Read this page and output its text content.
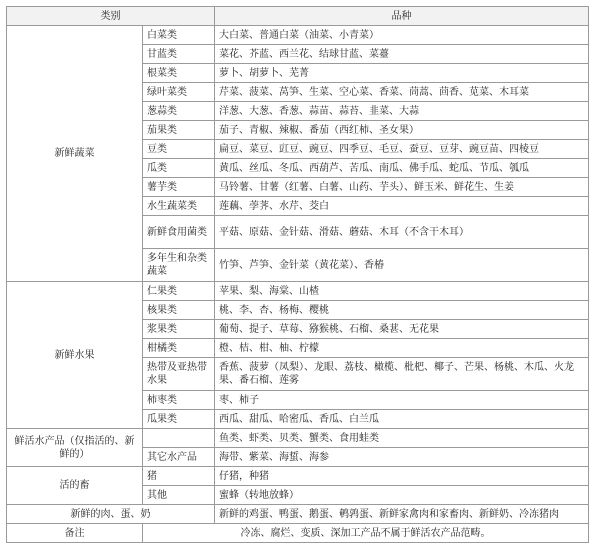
类别		品种
新鲜蔬菜	白菜类	大白菜、普通白菜（油菜、小青菜）
	甘蓝类	菜花、芥蓝、西兰花、结球甘蓝、菜薹
	根菜类	萝卜、胡萝卜、芜菁
	绿叶菜类	芹菜、菠菜、莴笋、生菜、空心菜、香菜、茼蒿、茴香、苋菜、木耳菜
	葱蒜类	洋葱、大葱、香葱、蒜苗、蒜苔、韭菜、大蒜
	茄果类	茄子、青椒、辣椒、番茄（西红柿、圣女果）
	豆类	扁豆、菜豆、豇豆、豌豆、四季豆、毛豆、蚕豆、豆芽、豌豆苗、四棱豆
	瓜类	黄瓜、丝瓜、冬瓜、西葫芦、苦瓜、南瓜、佛手瓜、蛇瓜、节瓜、瓠瓜
	薯芋类	马铃薯、甘薯（红薯、白薯、山药、芋头）、鲜玉米、鲜花生、生姜
	水生蔬菜类	莲藕、荸荠、水芹、茭白
	新鲜食用菌类	平菇、原菇、金针菇、滑菇、蘑菇、木耳（不含干木耳）
	多年生和杂类蔬菜	竹笋、芦笋、金针菜（黄花菜）、香椿
新鲜水果	仁果类	苹果、梨、海棠、山楂
	核果类	桃、李、杏、杨梅、樱桃
	浆果类	葡萄、提子、草莓、猕猴桃、石榴、桑葚、无花果
	柑橘类	橙、桔、柑、柚、柠檬
	热带及亚热带水果	香蕉、菠萝（凤梨）、龙眼、荔枝、橄榄、枇杷、椰子、芒果、杨桃、木瓜、火龙果、番石榴、莲雾
	柿枣类	枣、柿子
	瓜果类	西瓜、甜瓜、哈密瓜、香瓜、白兰瓜
鲜活水产品（仅指活的、新鲜的）		鱼类、虾类、贝类、蟹类、食用蛙类
	其它水产品	海带、紫菜、海蜇、海参
活的畜	猪	仔猪，种猪
	其他	蜜蜂（转地放蜂）
新鲜的肉、蛋、奶		新鲜的鸡蛋、鸭蛋、鹅蛋、鹌鹑蛋、新鲜家禽肉和家畜肉、新鲜奶、冷冻猪肉
备注	冷冻、腐烂、变质、深加工产品不属于鲜活农产品范畴。	
